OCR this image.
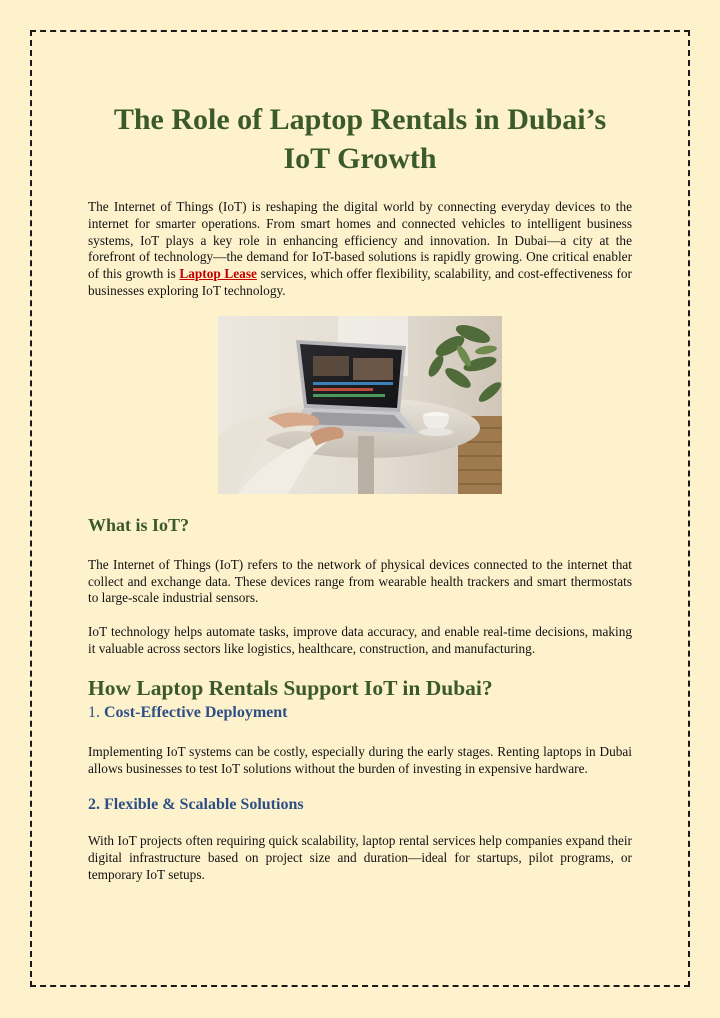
The Role of Laptop Rentals in Dubai’s IoT Growth

The Internet of Things (IoT) is reshaping the digital world by connecting everyday devices to the internet for smarter operations. From smart homes and connected vehicles to intelligent business systems, IoT plays a key role in enhancing efficiency and innovation. In Dubai—a city at the forefront of technology—the demand for IoT-based solutions is rapidly growing. One critical enabler of this growth is Laptop Lease services, which offer flexibility, scalability, and cost-effectiveness for businesses exploring IoT technology.

What is IoT?

The Internet of Things (IoT) refers to the network of physical devices connected to the internet that collect and exchange data. These devices range from wearable health trackers and smart thermostats to large-scale industrial sensors.

IoT technology helps automate tasks, improve data accuracy, and enable real-time decisions, making it valuable across sectors like logistics, healthcare, construction, and manufacturing.

How Laptop Rentals Support IoT in Dubai?
1. Cost-Effective Deployment

Implementing IoT systems can be costly, especially during the early stages. Renting laptops in Dubai allows businesses to test IoT solutions without the burden of investing in expensive hardware.

2. Flexible & Scalable Solutions

With IoT projects often requiring quick scalability, laptop rental services help companies expand their digital infrastructure based on project size and duration—ideal for startups, pilot programs, or temporary IoT setups.
